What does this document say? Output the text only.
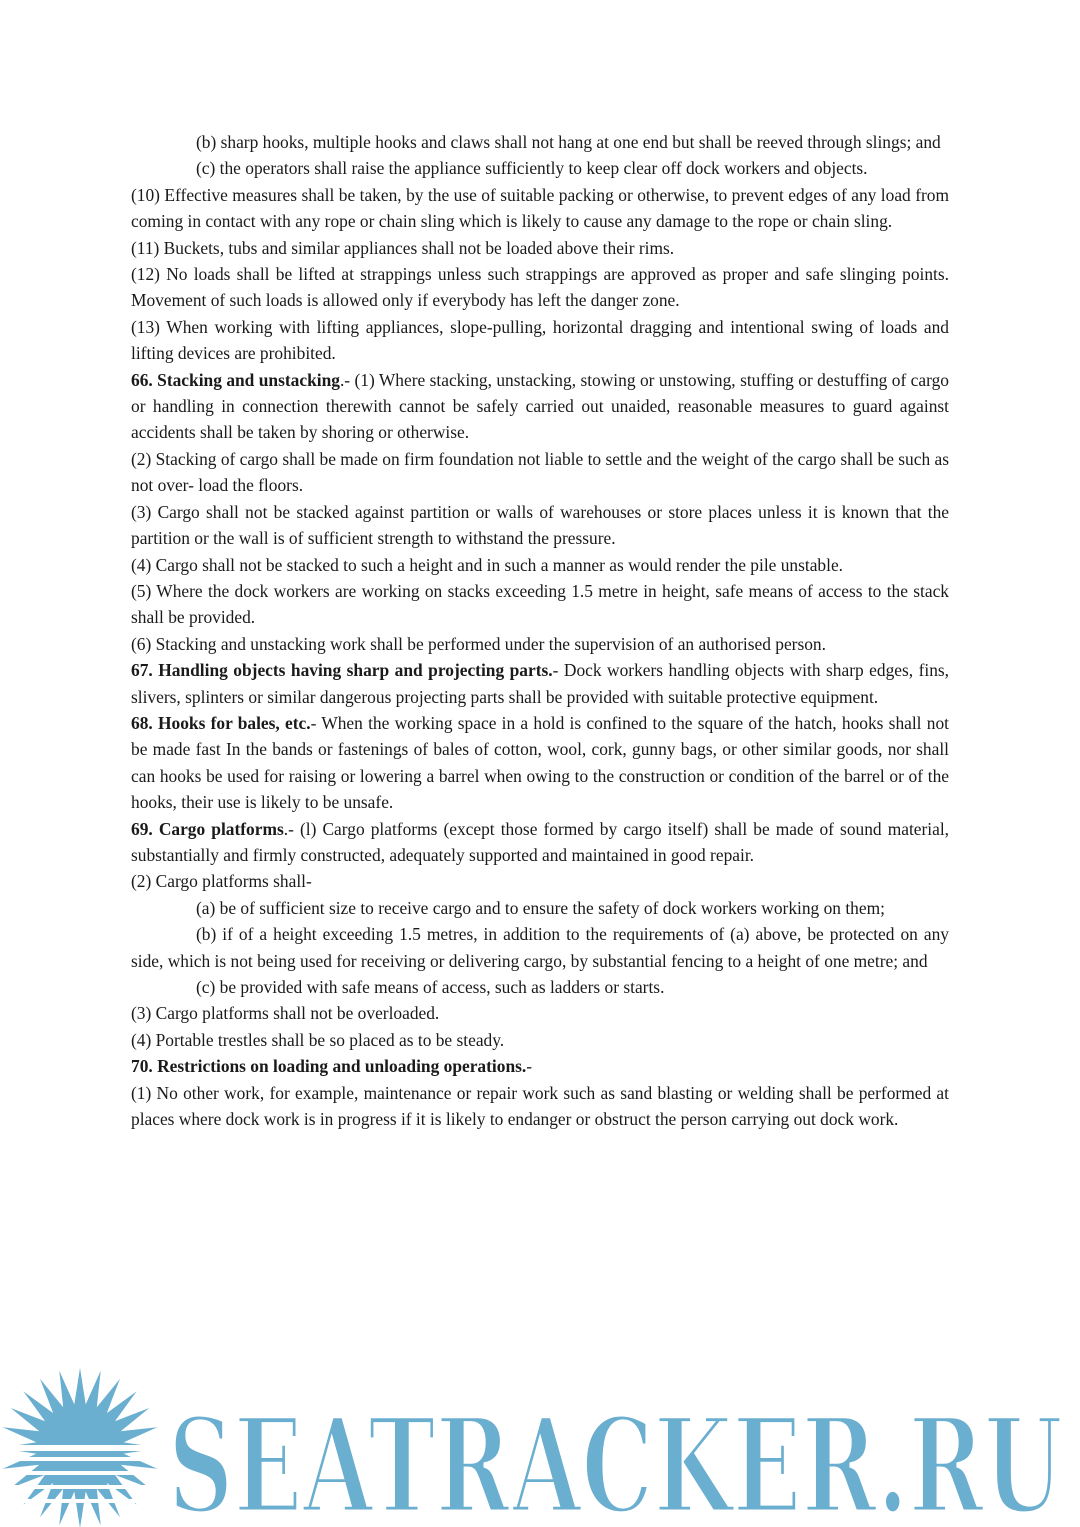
(b) sharp hooks, multiple hooks and claws shall not hang at one end but shall be reeved through slings; and

(c) the operators shall raise the appliance sufficiently to keep clear off dock workers and objects.

(10) Effective measures shall be taken, by the use of suitable packing or otherwise, to prevent edges of any load from coming in contact with any rope or chain sling which is likely to cause any damage to the rope or chain sling.

(11) Buckets, tubs and similar appliances shall not be loaded above their rims.

(12) No loads shall be lifted at strappings unless such strappings are approved as proper and safe slinging points. Movement of such loads is allowed only if everybody has left the danger zone.

(13) When working with lifting appliances, slope-pulling, horizontal dragging and intentional swing of loads and lifting devices are prohibited.

66. Stacking and unstacking.- (1) Where stacking, unstacking, stowing or unstowing, stuffing or destuffing of cargo or handling in connection therewith cannot be safely carried out unaided, reasonable measures to guard against accidents shall be taken by shoring or otherwise.

(2) Stacking of cargo shall be made on firm foundation not liable to settle and the weight of the cargo shall be such as not over- load the floors.

(3) Cargo shall not be stacked against partition or walls of warehouses or store places unless it is known that the partition or the wall is of sufficient strength to withstand the pressure.

(4) Cargo shall not be stacked to such a height and in such a manner as would render the pile unstable.

(5) Where the dock workers are working on stacks exceeding 1.5 metre in height, safe means of access to the stack shall be provided.

(6) Stacking and unstacking work shall be performed under the supervision of an authorised person.

67. Handling objects having sharp and projecting parts.- Dock workers handling objects with sharp edges, fins, slivers, splinters or similar dangerous projecting parts shall be provided with suitable protective equipment.

68. Hooks for bales, etc.- When the working space in a hold is confined to the square of the hatch, hooks shall not be made fast In the bands or fastenings of bales of cotton, wool, cork, gunny bags, or other similar goods, nor shall can hooks be used for raising or lowering a barrel when owing to the construction or condition of the barrel or of the hooks, their use is likely to be unsafe.

69. Cargo platforms.- (l) Cargo platforms (except those formed by cargo itself) shall be made of sound material, substantially and firmly constructed, adequately supported and maintained in good repair.

(2) Cargo platforms shall-

(a) be of sufficient size to receive cargo and to ensure the safety of dock workers working on them;

(b) if of a height exceeding 1.5 metres, in addition to the requirements of (a) above, be protected on any side, which is not being used for receiving or delivering cargo, by substantial fencing to a height of one metre; and

(c) be provided with safe means of access, such as ladders or starts.

(3) Cargo platforms shall not be overloaded.

(4) Portable trestles shall be so placed as to be steady.

70. Restrictions on loading and unloading operations.-

(1) No other work, for example, maintenance or repair work such as sand blasting or welding shall be performed at places where dock work is in progress if it is likely to endanger or obstruct the person carrying out dock work.

SEATRACKER.RU
